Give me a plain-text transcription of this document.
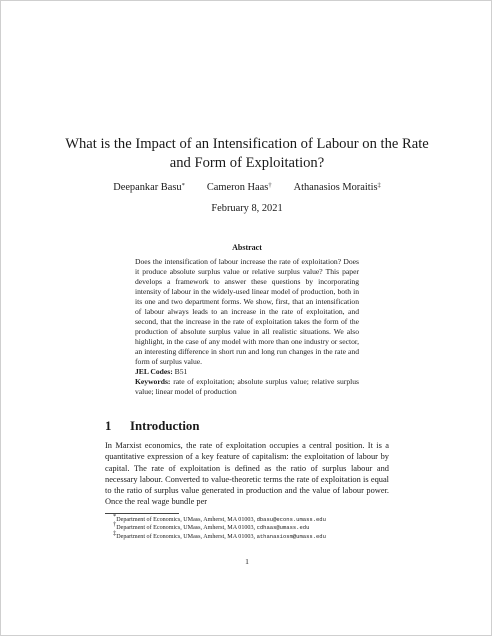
What is the Impact of an Intensification of Labour on the Rate and Form of Exploitation?
Deepankar Basu* Cameron Haas† Athanasios Moraitis‡
February 8, 2021
Abstract

Does the intensification of labour increase the rate of exploitation? Does it produce absolute surplus value or relative surplus value? This paper develops a framework to answer these questions by incorporating intensity of labour in the widely-used linear model of production, both in its one and two department forms. We show, first, that an intensification of labour always leads to an increase in the rate of exploitation, and second, that the increase in the rate of exploitation takes the form of the production of absolute surplus value in all realistic situations. We also highlight, in the case of any model with more than one industry or sector, an interesting difference in short run and long run changes in the rate and form of surplus value.

JEL Codes: B51

Keywords: rate of exploitation; absolute surplus value; relative surplus value; linear model of production

1 Introduction

In Marxist economics, the rate of exploitation occupies a central position. It is a quantitative expression of a key feature of capitalism: the exploitation of labour by capital. The rate of exploitation is defined as the ratio of surplus labour and necessary labour. Converted to value-theoretic terms the rate of exploitation is equal to the ratio of surplus value generated in production and the value of labour power. Once the real wage bundle per

*Department of Economics, UMass, Amherst, MA 01003, dbasu@econs.umass.edu

†Department of Economics, UMass, Amherst, MA 01003, cdhaas@umass.edu

‡Department of Economics, UMass, Amherst, MA 01003, athanasiosm@umass.edu

1
